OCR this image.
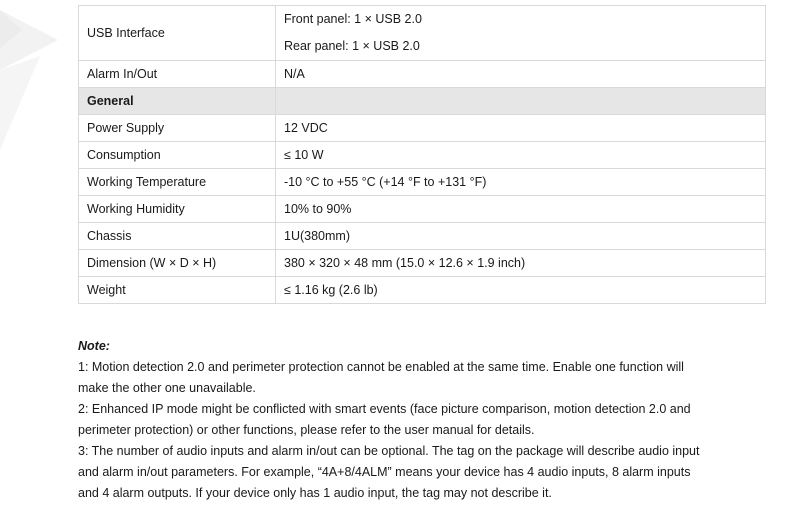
USB Interface	Front panel: 1 × USB 2.0
Rear panel: 1 × USB 2.0

Alarm In/Out	N/A
General	
Power Supply	12 VDC
Consumption	≤ 10 W
Working Temperature	-10 °C to +55 °C (+14 °F to +131 °F)
Working Humidity	10% to 90%
Chassis	1U(380mm)
Dimension (W × D × H)	380 × 320 × 48 mm (15.0 × 12.6 × 1.9 inch)
Weight	≤ 1.16 kg (2.6 lb)

Note:

1: Motion detection 2.0 and perimeter protection cannot be enabled at the same time. Enable one function will make the other one unavailable.

2: Enhanced IP mode might be conflicted with smart events (face picture comparison, motion detection 2.0 and perimeter protection) or other functions, please refer to the user manual for details.

3: The number of audio inputs and alarm in/out can be optional. The tag on the package will describe audio input and alarm in/out parameters. For example, “4A+8/4ALM” means your device has 4 audio inputs, 8 alarm inputs and 4 alarm outputs. If your device only has 1 audio input, the tag may not describe it.
